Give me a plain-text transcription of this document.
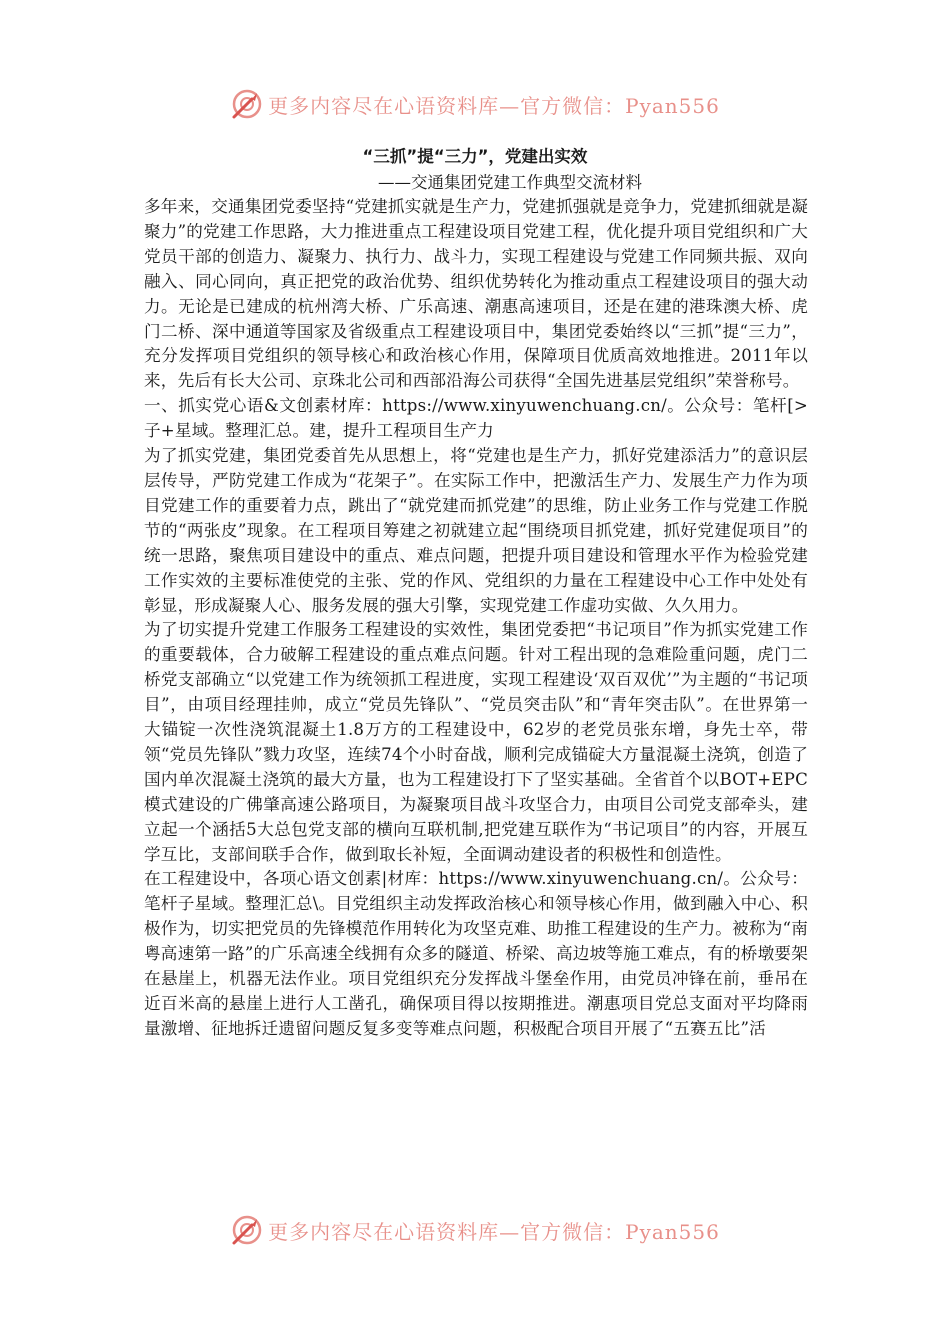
更多内容尽在心语资料库—官方微信：Pyan556
“三抓”提“三力”，党建出实效
——交通集团党建工作典型交流材料

多年来，交通集团党委坚持“党建抓实就是生产力，党建抓强就是竞争力，党建抓细就是凝聚力”的党建工作思路，大力推进重点工程建设项目党建工程，优化提升项目党组织和广大党员干部的创造力、凝聚力、执行力、战斗力，实现工程建设与党建工作同频共振、双向融入、同心同向，真正把党的政治优势、组织优势转化为推动重点工程建设项目的强大动力。无论是已建成的杭州湾大桥、广乐高速、潮惠高速项目，还是在建的港珠澳大桥、虎门二桥、深中通道等国家及省级重点工程建设项目中，集团党委始终以“三抓”提“三力”，充分发挥项目党组织的领导核心和政治核心作用，保障项目优质高效地推进。2011年以来，先后有长大公司、京珠北公司和西部沿海公司获得“全国先进基层党组织”荣誉称号。

一、抓实党心语&文创素材库：https://www.xinyuwenchuang.cn/。公众号：笔杆[>子+星域。整理汇总。建，提升工程项目生产力

为了抓实党建，集团党委首先从思想上，将“党建也是生产力，抓好党建添活力”的意识层层传导，严防党建工作成为“花架子”。在实际工作中，把激活生产力、发展生产力作为项目党建工作的重要着力点，跳出了“就党建而抓党建”的思维，防止业务工作与党建工作脱节的“两张皮”现象。在工程项目筹建之初就建立起“围绕项目抓党建，抓好党建促项目”的统一思路，聚焦项目建设中的重点、难点问题，把提升项目建设和管理水平作为检验党建工作实效的主要标准使党的主张、党的作风、党组织的力量在工程建设中心工作中处处有彰显，形成凝聚人心、服务发展的强大引擎，实现党建工作虚功实做、久久用力。

为了切实提升党建工作服务工程建设的实效性，集团党委把“书记项目”作为抓实党建工作的重要载体，合力破解工程建设的重点难点问题。针对工程出现的急难险重问题，虎门二桥党支部确立“以党建工作为统领抓工程进度，实现工程建设‘双百双优’”为主题的“书记项目”，由项目经理挂帅，成立“党员先锋队”、“党员突击队”和“青年突击队”。在世界第一大锚锭一次性浇筑混凝土1.8万方的工程建设中，62岁的老党员张东增，身先士卒，带领“党员先锋队”戮力攻坚，连续74个小时奋战，顺利完成锚碇大方量混凝土浇筑，创造了国内单次混凝土浇筑的最大方量，也为工程建设打下了坚实基础。全省首个以BOT+EPC模式建设的广佛肇高速公路项目，为凝聚项目战斗攻坚合力，由项目公司党支部牵头，建立起一个涵括5大总包党支部的横向互联机制,把党建互联作为“书记项目”的内容，开展互学互比，支部间联手合作，做到取长补短，全面调动建设者的积极性和创造性。

在工程建设中，各项心语文创素|材库：https://www.xinyuwenchuang.cn/。公众号：笔杆子星域。整理汇总\。目党组织主动发挥政治核心和领导核心作用，做到融入中心、积极作为，切实把党员的先锋模范作用转化为攻坚克难、助推工程建设的生产力。被称为“南粤高速第一路”的广乐高速全线拥有众多的隧道、桥梁、高边坡等施工难点，有的桥墩要架在悬崖上，机器无法作业。项目党组织充分发挥战斗堡垒作用，由党员冲锋在前，垂吊在近百米高的悬崖上进行人工凿孔，确保项目得以按期推进。潮惠项目党总支面对平均降雨量激增、征地拆迁遗留问题反复多变等难点问题，积极配合项目开展了“五赛五比”活

更多内容尽在心语资料库—官方微信：Pyan556
